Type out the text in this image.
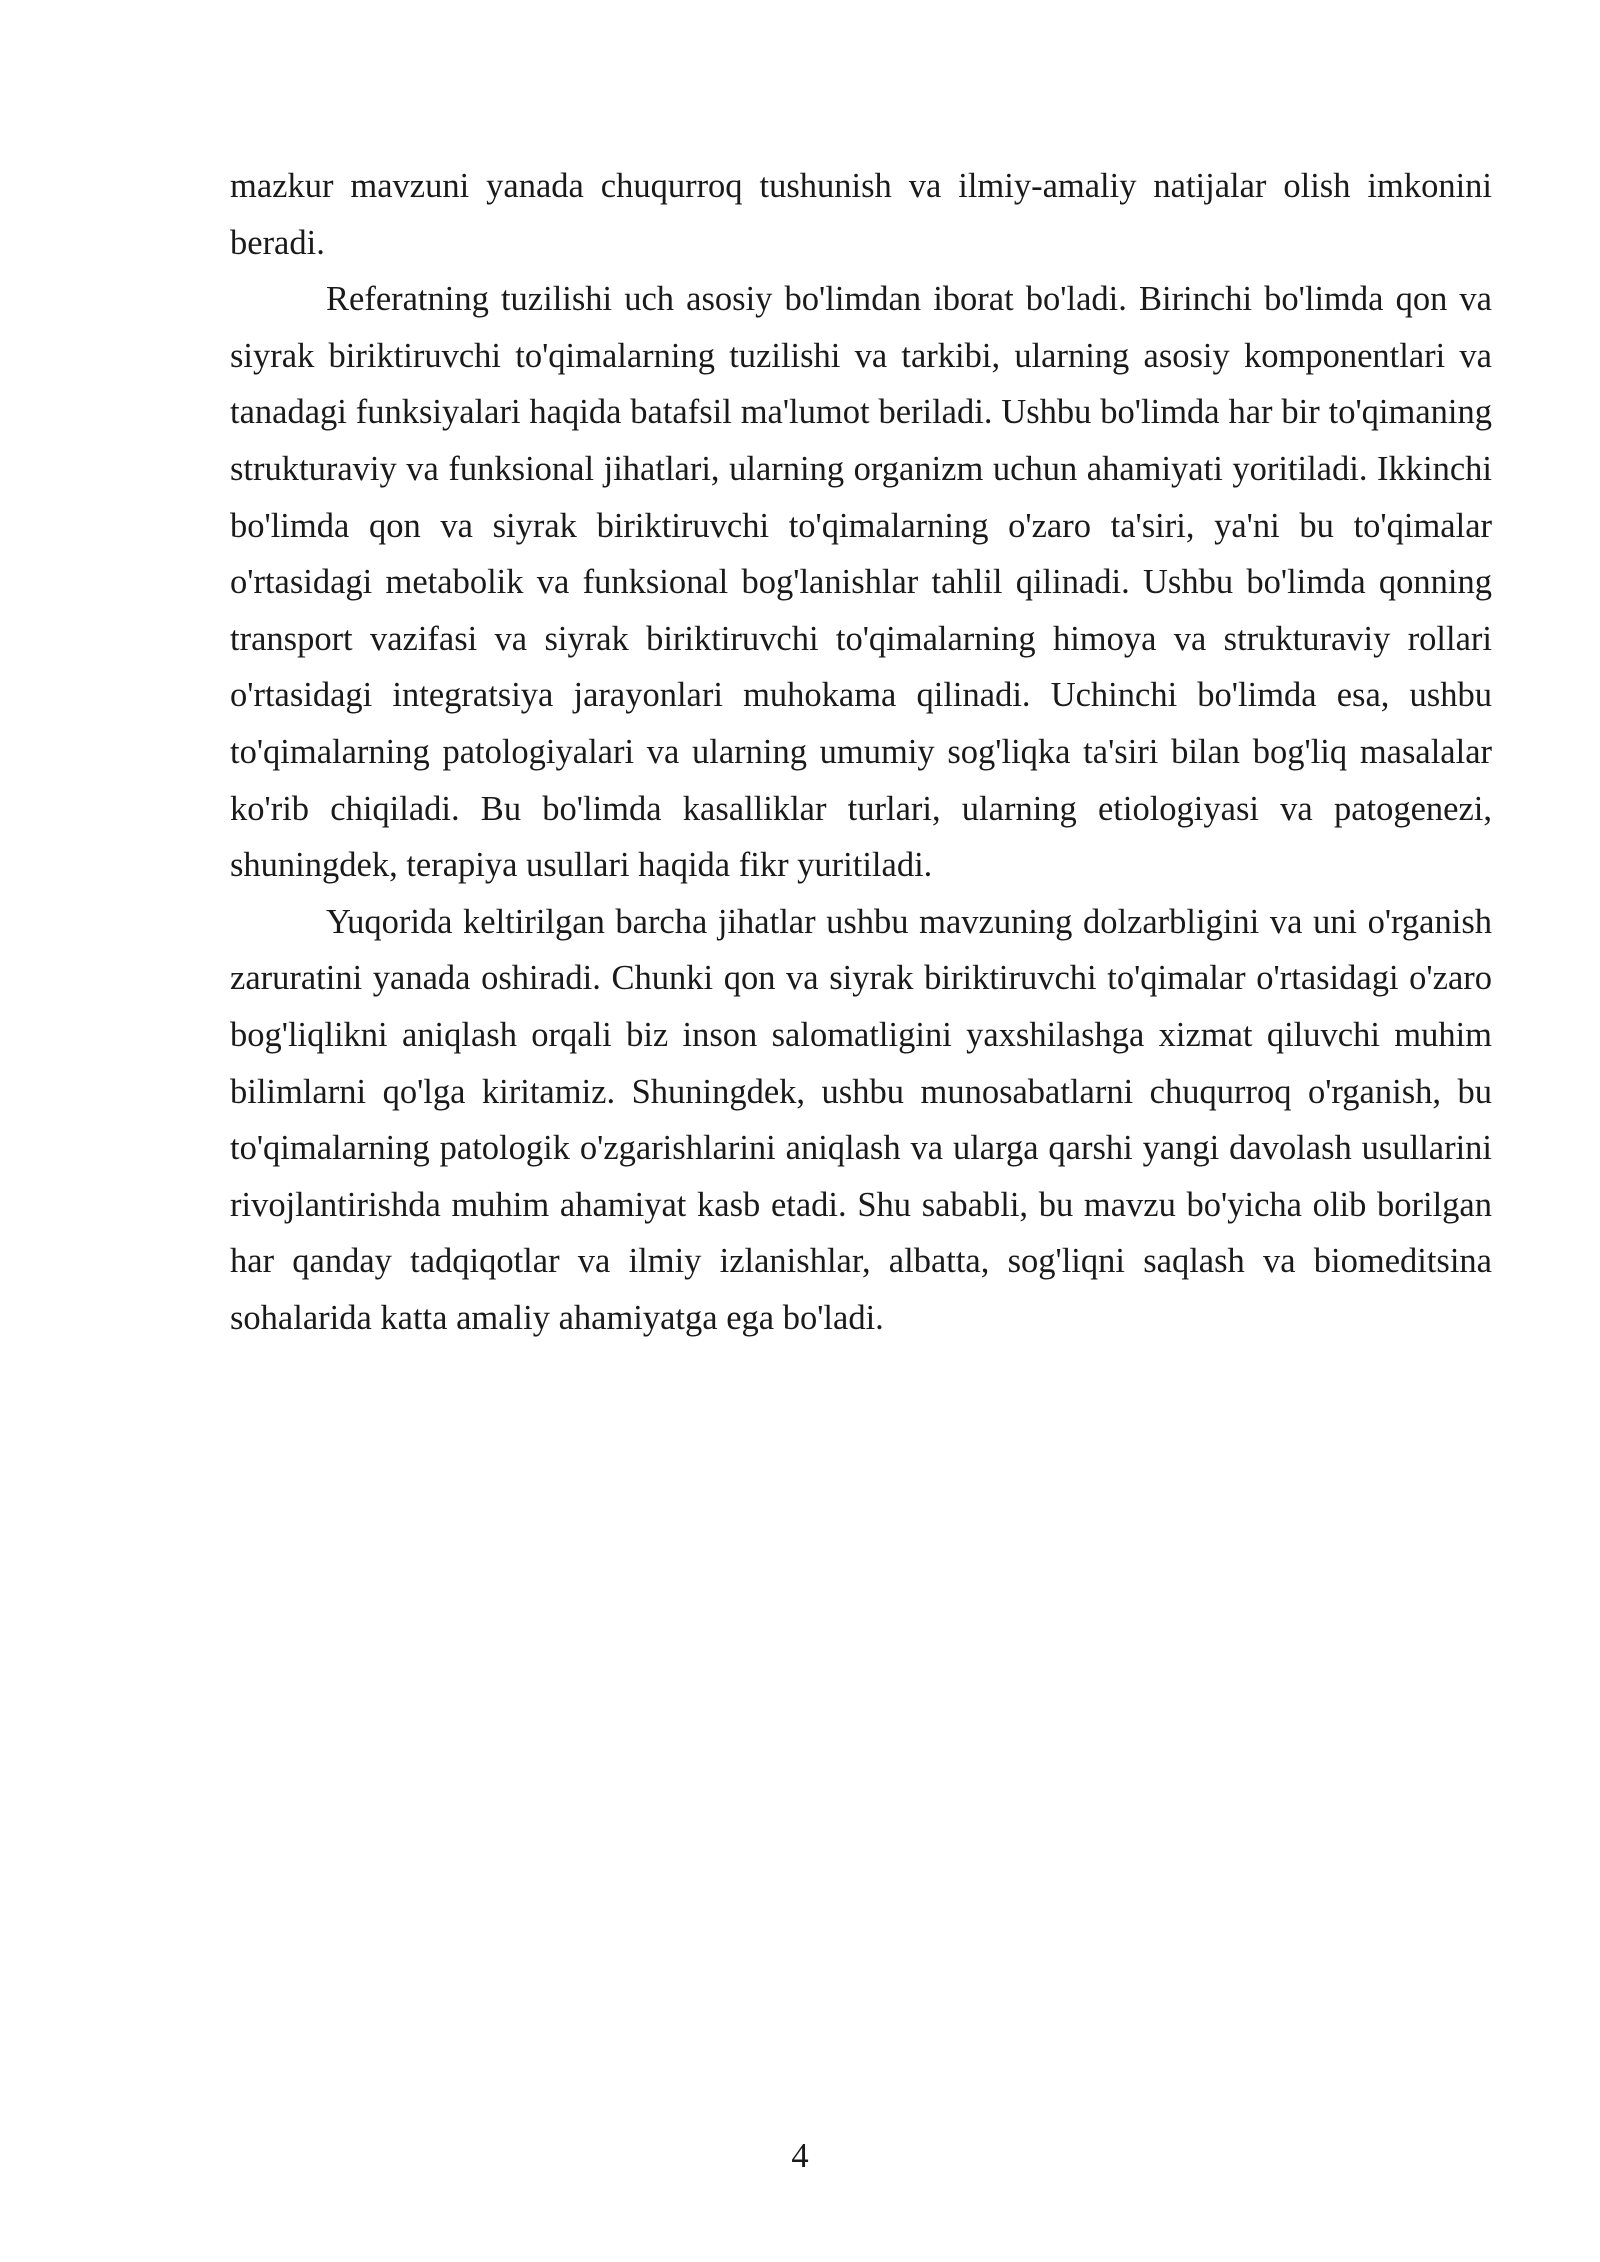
mazkur mavzuni yanada chuqurroq tushunish va ilmiy-amaliy natijalar olish imkonini beradi.

Referatning tuzilishi uch asosiy bo'limdan iborat bo'ladi. Birinchi bo'limda qon va siyrak biriktiruvchi to'qimalarning tuzilishi va tarkibi, ularning asosiy komponentlari va tanadagi funksiyalari haqida batafsil ma'lumot beriladi. Ushbu bo'limda har bir to'qimaning strukturaviy va funksional jihatlari, ularning organizm uchun ahamiyati yoritiladi. Ikkinchi bo'limda qon va siyrak biriktiruvchi to'qimalarning o'zaro ta'siri, ya'ni bu to'qimalar o'rtasidagi metabolik va funksional bog'lanishlar tahlil qilinadi. Ushbu bo'limda qonning transport vazifasi va siyrak biriktiruvchi to'qimalarning himoya va strukturaviy rollari o'rtasidagi integratsiya jarayonlari muhokama qilinadi. Uchinchi bo'limda esa, ushbu to'qimalarning patologiyalari va ularning umumiy sog'liqka ta'siri bilan bog'liq masalalar ko'rib chiqiladi. Bu bo'limda kasalliklar turlari, ularning etiologiyasi va patogenezi, shuningdek, terapiya usullari haqida fikr yuritiladi.

Yuqorida keltirilgan barcha jihatlar ushbu mavzuning dolzarbligini va uni o'rganish zaruratini yanada oshiradi. Chunki qon va siyrak biriktiruvchi to'qimalar o'rtasidagi o'zaro bog'liqlikni aniqlash orqali biz inson salomatligini yaxshilashga xizmat qiluvchi muhim bilimlarni qo'lga kiritamiz. Shuningdek, ushbu munosabatlarni chuqurroq o'rganish, bu to'qimalarning patologik o'zgarishlarini aniqlash va ularga qarshi yangi davolash usullarini rivojlantirishda muhim ahamiyat kasb etadi. Shu sababli, bu mavzu bo'yicha olib borilgan har qanday tadqiqotlar va ilmiy izlanishlar, albatta, sog'liqni saqlash va biomeditsina sohalarida katta amaliy ahamiyatga ega bo'ladi.

4
